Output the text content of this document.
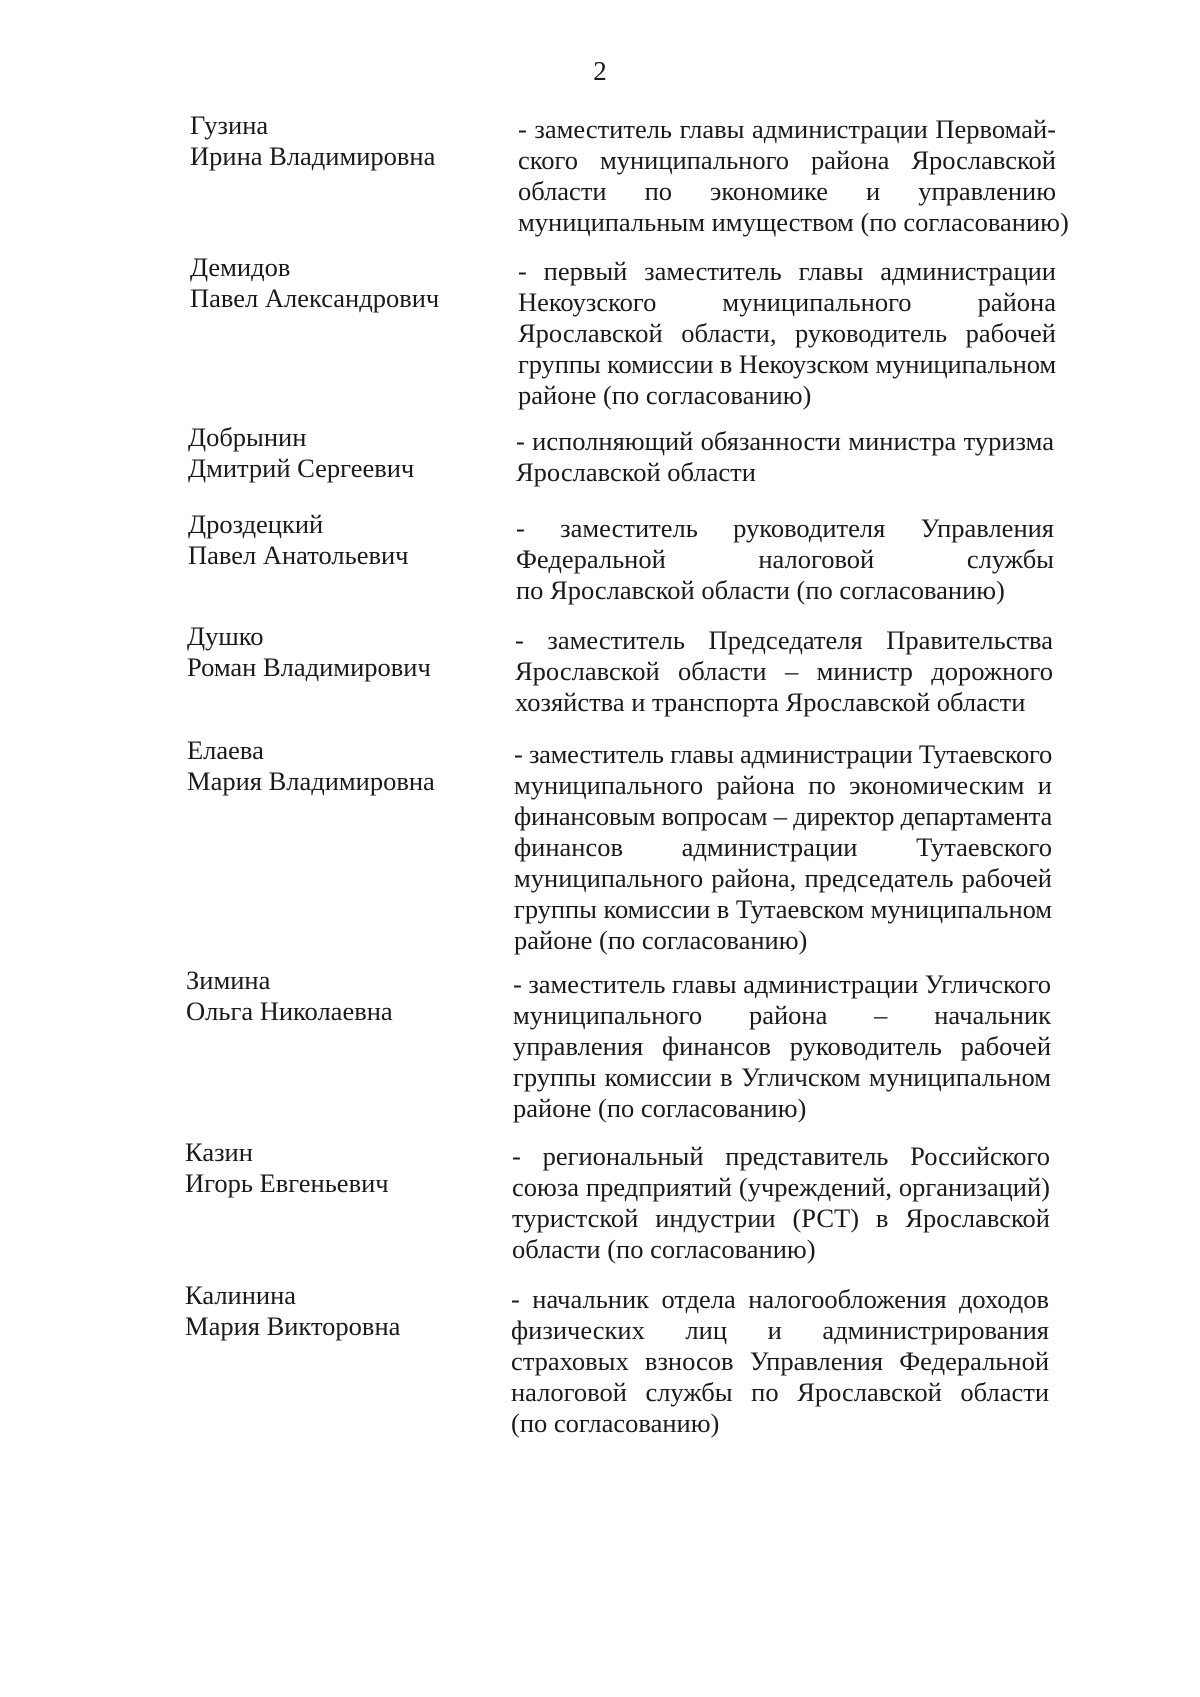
2
Гузина
Ирина Владимировна
- заместитель главы администрации Первомай-
ского муниципального района Ярославской
области по экономике и управлению
муниципальным имуществом (по согласованию)
Демидов
Павел Александрович
- первый заместитель главы администрации
Некоузского муниципального района
Ярославской области, руководитель рабочей
группы комиссии в Некоузском муниципальном
районе (по согласованию)
Добрынин
Дмитрий Сергеевич
- исполняющий обязанности министра туризма
Ярославской области
Дроздецкий
Павел Анатольевич
- заместитель руководителя Управления
Федеральной налоговой службы
по Ярославской области (по согласованию)
Душко
Роман Владимирович
- заместитель Председателя Правительства
Ярославской области – министр дорожного
хозяйства и транспорта Ярославской области
Елаева
Мария Владимировна
- заместитель главы администрации Тутаевского
муниципального района по экономическим и
финансовым вопросам – директор департамента
финансов администрации Тутаевского
муниципального района, председатель рабочей
группы комиссии в Тутаевском муниципальном
районе (по согласованию)
Зимина
Ольга Николаевна
- заместитель главы администрации Угличского
муниципального района – начальник
управления финансов руководитель рабочей
группы комиссии в Угличском муниципальном
районе (по согласованию)
Казин
Игорь Евгеньевич
- региональный представитель Российского
союза предприятий (учреждений, организаций)
туристской индустрии (РСТ) в Ярославской
области (по согласованию)
Калинина
Мария Викторовна
- начальник отдела налогообложения доходов
физических лиц и администрирования
страховых взносов Управления Федеральной
налоговой службы по Ярославской области
(по согласованию)
